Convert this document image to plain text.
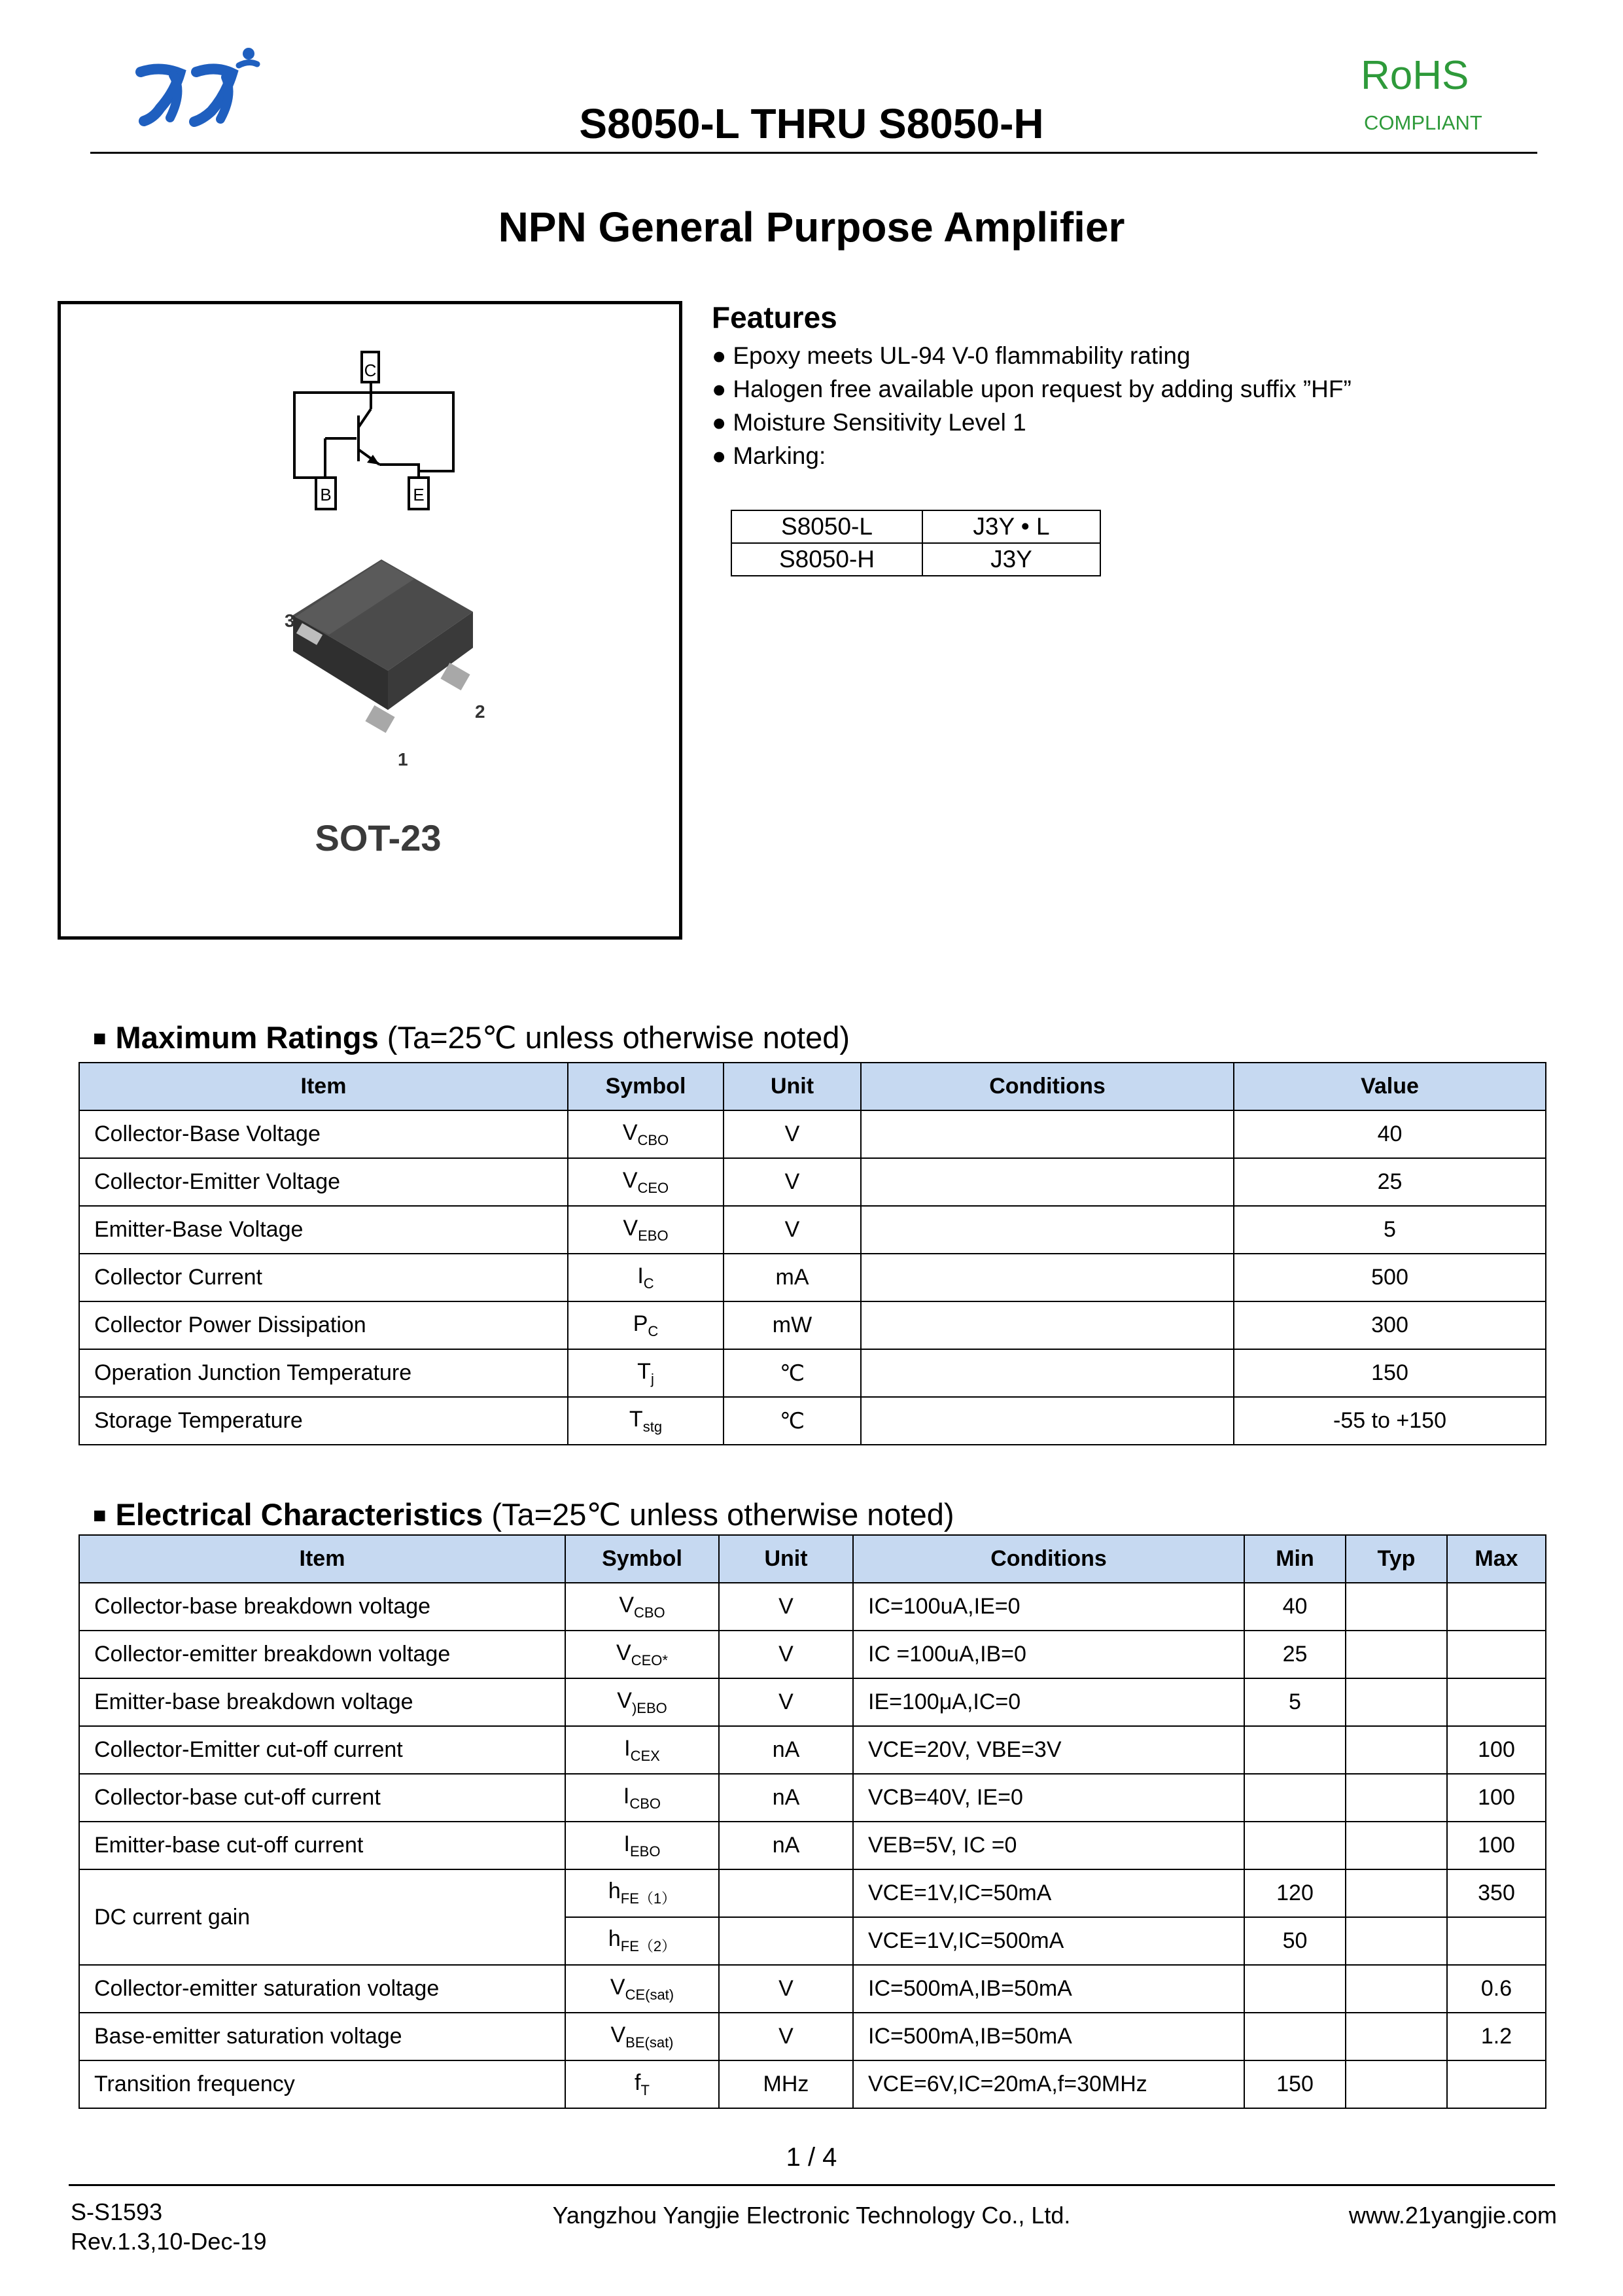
S8050-L THRU S8050-H
RoHS
COMPLIANT
NPN General Purpose Amplifier
C
B	E
3
2
1
SOT-23
Features
● Epoxy meets UL-94 V-0 flammability rating
● Halogen free available upon request by adding suffix ”HF”
● Moisture Sensitivity Level 1
● Marking:
S8050-L	J3Y • L
S8050-H	J3Y
■ Maximum Ratings (Ta=25℃ unless otherwise noted)
Item	Symbol	Unit	Conditions	Value
Collector-Base Voltage	$V_{CBO}$	V		40
Collector-Emitter Voltage	$V_{CEO}$	V		25
Emitter-Base Voltage	$V_{EBO}$	V		5
Collector Current	$I_C$	mA		500
Collector Power Dissipation	$P_C$	mW		300
Operation Junction Temperature	$T_j$	℃		150
Storage Temperature	$T_{stg}$	℃		-55 to +150
■ Electrical Characteristics (Ta=25℃ unless otherwise noted)
Item	Symbol	Unit	Conditions	Min	Typ	Max
Collector-base breakdown voltage	$V_{CBO}$	V	IC=100uA,IE=0	40		
Collector-emitter breakdown voltage	$V_{CEO*}$	V	IC =100uA,IB=0	25		
Emitter-base breakdown voltage	$V_{)EBO}$	V	IE=100μA,IC=0	5		
Collector-Emitter cut-off current	$I_{CEX}$	nA	VCE=20V, VBE=3V			100
Collector-base cut-off current	$I_{CBO}$	nA	VCB=40V, IE=0			100
Emitter-base cut-off current	$I_{EBO}$	nA	VEB=5V, IC =0			100
DC current gain	$h_{FE(1)}$		VCE=1V,IC=50mA	120		350
	$h_{FE(2)}$		VCE=1V,IC=500mA	50		
Collector-emitter saturation voltage	$V_{CE(sat)}$	V	IC=500mA,IB=50mA			0.6
Base-emitter saturation voltage	$V_{BE(sat)}$	V	IC=500mA,IB=50mA			1.2
Transition frequency	$f_T$	MHz	VCE=6V,IC=20mA,f=30MHz	150		
1 / 4
S-S1593
Rev.1.3,10-Dec-19
Yangzhou Yangjie Electronic Technology Co., Ltd.	www.21yangjie.com
